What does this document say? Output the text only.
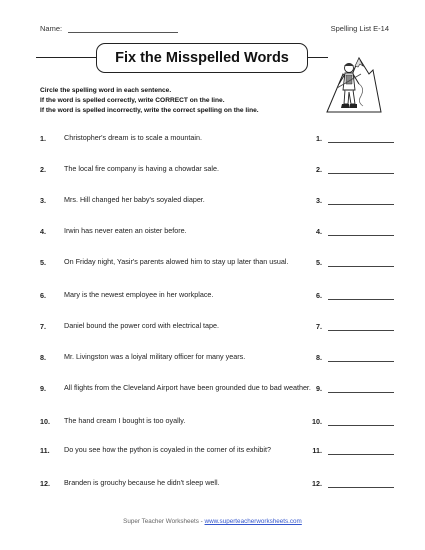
Name:	Spelling List E-14
Fix the Misspelled Words
Circle the spelling word in each sentence.
If the word is spelled correctly, write CORRECT on the line.
If the word is spelled incorrectly, write the correct spelling on the line.
1.	Christopher's dream is to scale a mountain.	1.
2.	The local fire company is having a chowdar sale.	2.
3.	Mrs. Hill changed her baby's soyaled diaper.	3.
4.	Irwin has never eaten an oister before.	4.
5.	On Friday night, Yasir's parents alowed him to stay up later than usual.	5.
6.	Mary is the newest employee in her workplace.	6.
7.	Daniel bound the power cord with electrical tape.	7.
8.	Mr. Livingston was a loiyal military officer for many years.	8.
9.	All flights from the Cleveland Airport have been grounded due to bad weather. 9.
10. The hand cream I bought is too oyally.	10.
11. Do you see how the python is coyaled in the corner of its exhibit?	11.
12. Branden is grouchy because he didn't sleep well.	12.
Super Teacher Worksheets - www.superteacherworksheets.com
